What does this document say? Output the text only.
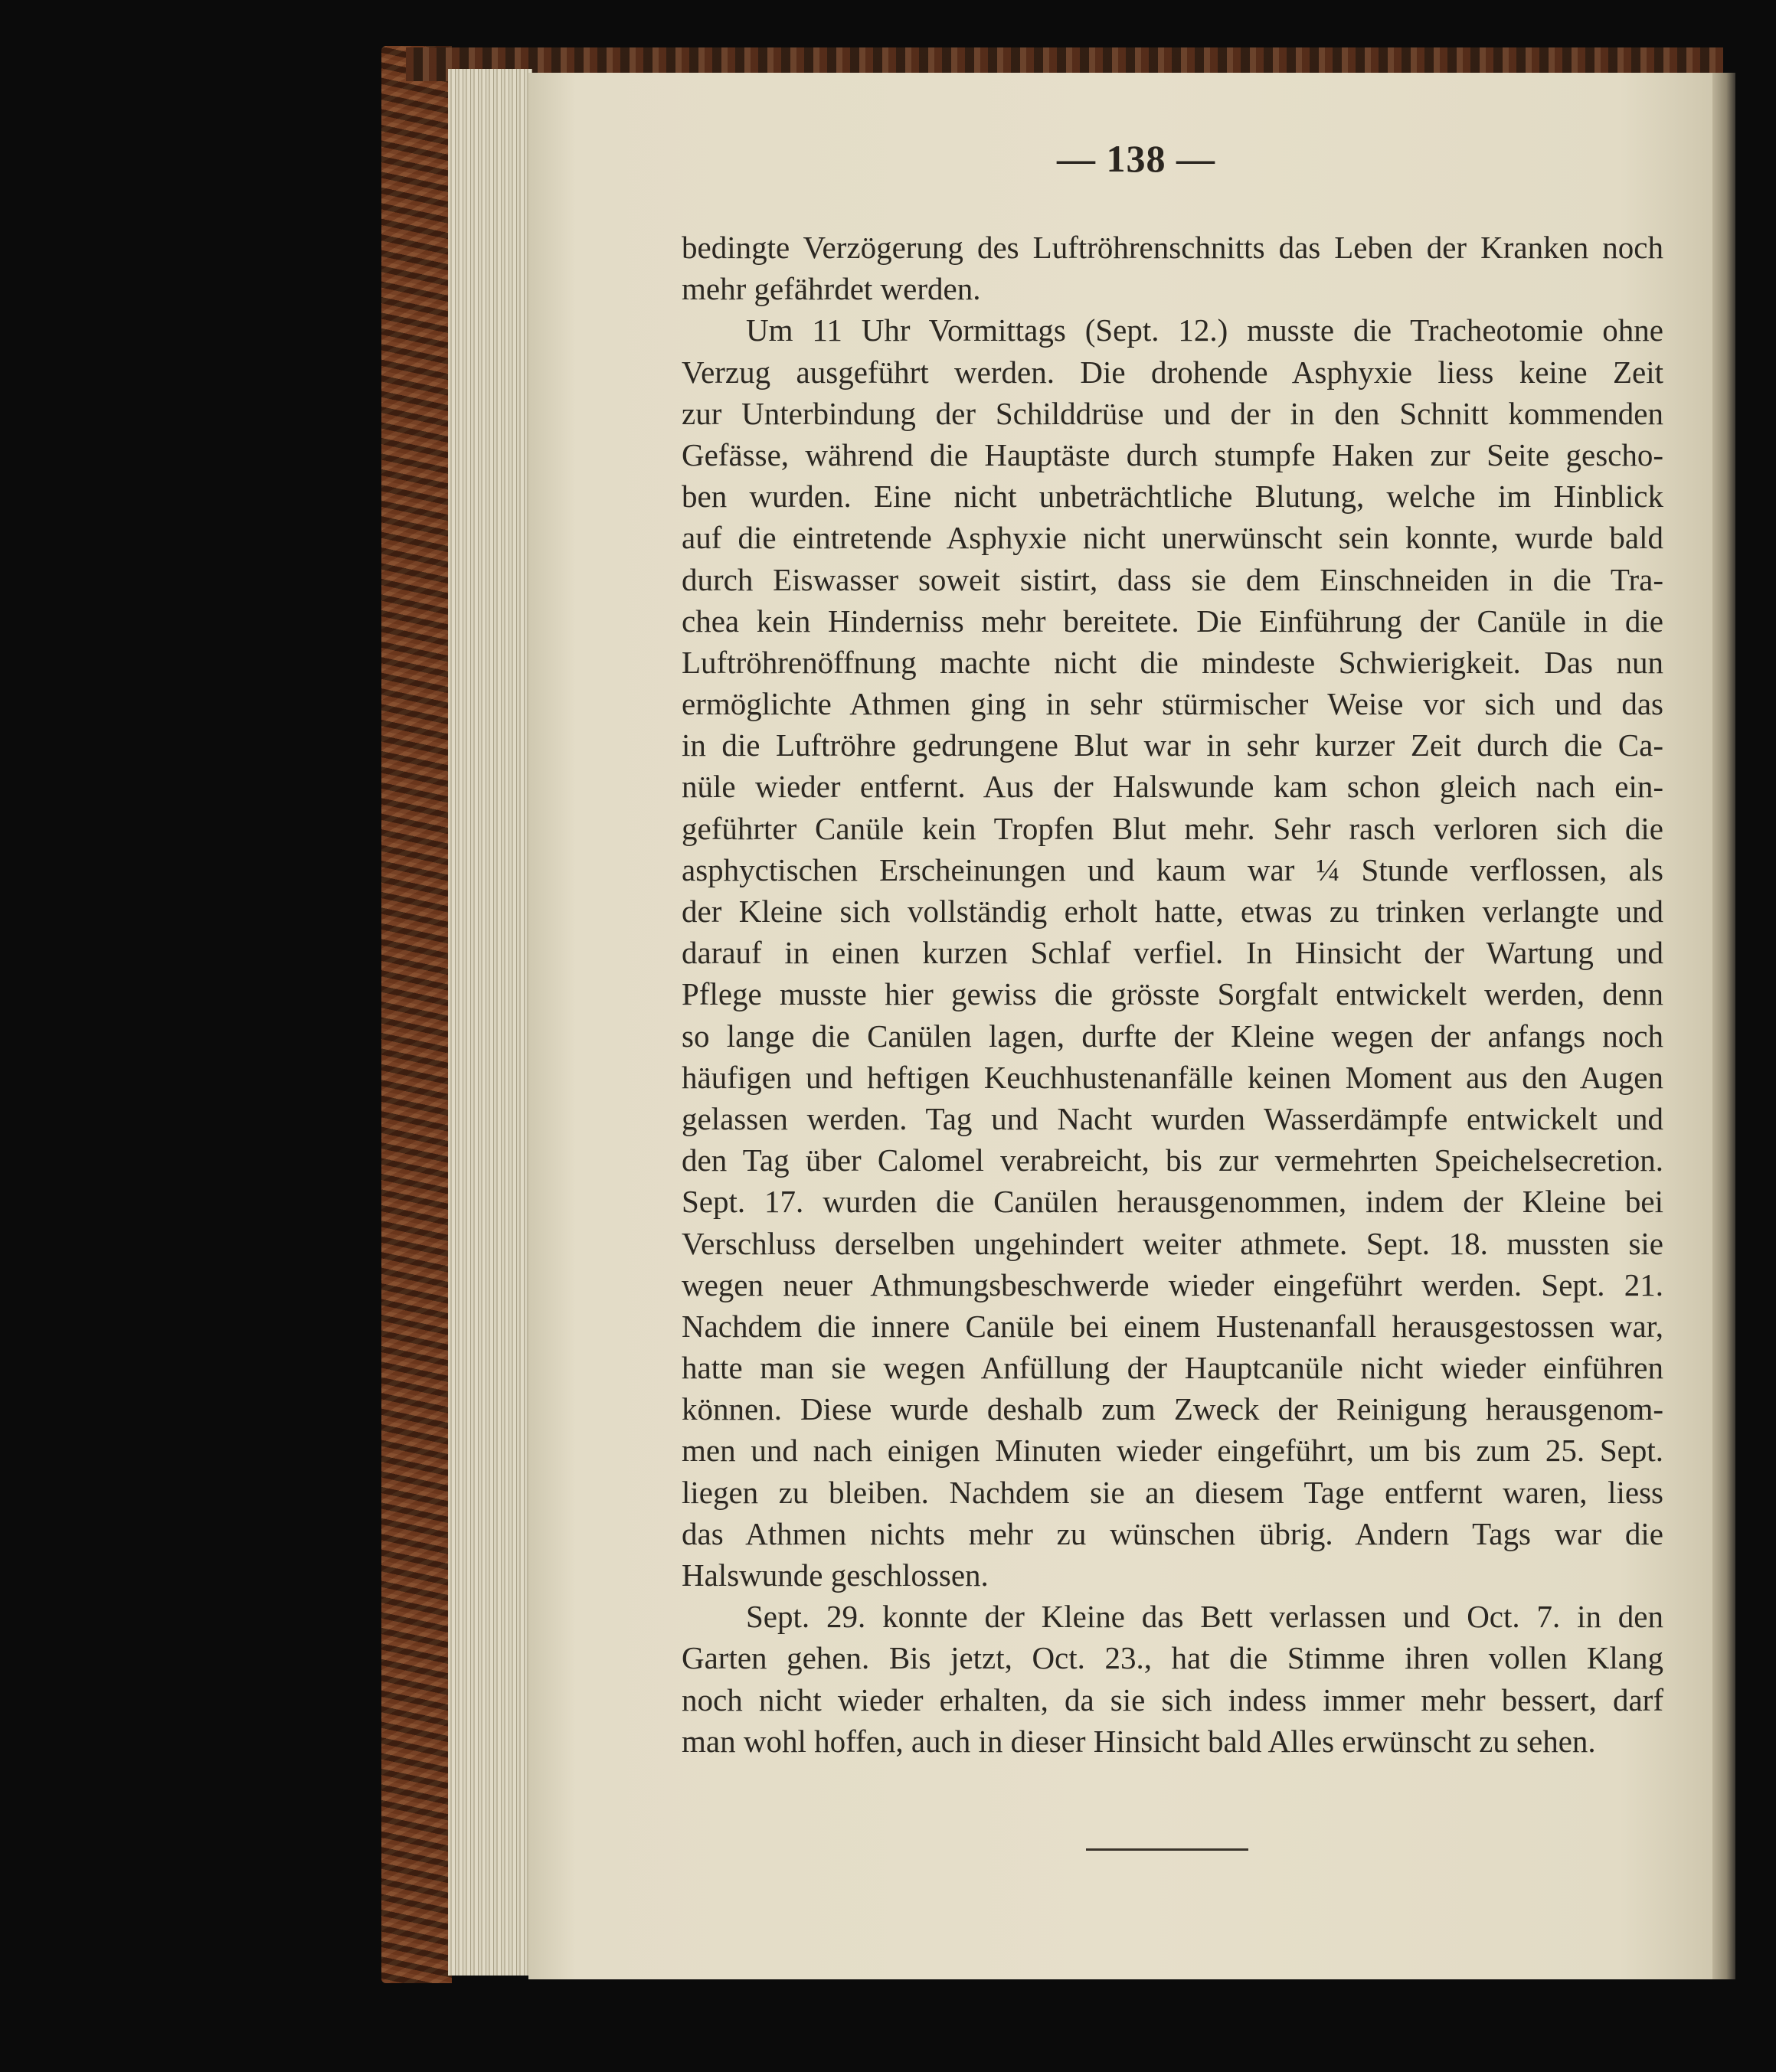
— 138 —
bedingte Verzögerung des Luftröhrenschnitts das Leben der Kranken noch
mehr gefährdet werden.
Um 11 Uhr Vormittags (Sept. 12.) musste die Tracheotomie ohne
Verzug ausgeführt werden. Die drohende Asphyxie liess keine Zeit
zur Unterbindung der Schilddrüse und der in den Schnitt kommenden
Gefässe, während die Hauptäste durch stumpfe Haken zur Seite gescho-
ben wurden. Eine nicht unbeträchtliche Blutung, welche im Hinblick
auf die eintretende Asphyxie nicht unerwünscht sein konnte, wurde bald
durch Eiswasser soweit sistirt, dass sie dem Einschneiden in die Tra-
chea kein Hinderniss mehr bereitete. Die Einführung der Canüle in die
Luftröhrenöffnung machte nicht die mindeste Schwierigkeit. Das nun
ermöglichte Athmen ging in sehr stürmischer Weise vor sich und das
in die Luftröhre gedrungene Blut war in sehr kurzer Zeit durch die Ca-
nüle wieder entfernt. Aus der Halswunde kam schon gleich nach ein-
geführter Canüle kein Tropfen Blut mehr. Sehr rasch verloren sich die
asphyctischen Erscheinungen und kaum war ¼ Stunde verflossen, als
der Kleine sich vollständig erholt hatte, etwas zu trinken verlangte und
darauf in einen kurzen Schlaf verfiel. In Hinsicht der Wartung und
Pflege musste hier gewiss die grösste Sorgfalt entwickelt werden, denn
so lange die Canülen lagen, durfte der Kleine wegen der anfangs noch
häufigen und heftigen Keuchhustenanfälle keinen Moment aus den Augen
gelassen werden. Tag und Nacht wurden Wasserdämpfe entwickelt und
den Tag über Calomel verabreicht, bis zur vermehrten Speichelsecretion.
Sept. 17. wurden die Canülen herausgenommen, indem der Kleine bei
Verschluss derselben ungehindert weiter athmete. Sept. 18. mussten sie
wegen neuer Athmungsbeschwerde wieder eingeführt werden. Sept. 21.
Nachdem die innere Canüle bei einem Hustenanfall herausgestossen war,
hatte man sie wegen Anfüllung der Hauptcanüle nicht wieder einführen
können. Diese wurde deshalb zum Zweck der Reinigung herausgenom-
men und nach einigen Minuten wieder eingeführt, um bis zum 25. Sept.
liegen zu bleiben. Nachdem sie an diesem Tage entfernt waren, liess
das Athmen nichts mehr zu wünschen übrig. Andern Tags war die
Halswunde geschlossen.
Sept. 29. konnte der Kleine das Bett verlassen und Oct. 7. in den
Garten gehen. Bis jetzt, Oct. 23., hat die Stimme ihren vollen Klang
noch nicht wieder erhalten, da sie sich indess immer mehr bessert, darf
man wohl hoffen, auch in dieser Hinsicht bald Alles erwünscht zu sehen.
